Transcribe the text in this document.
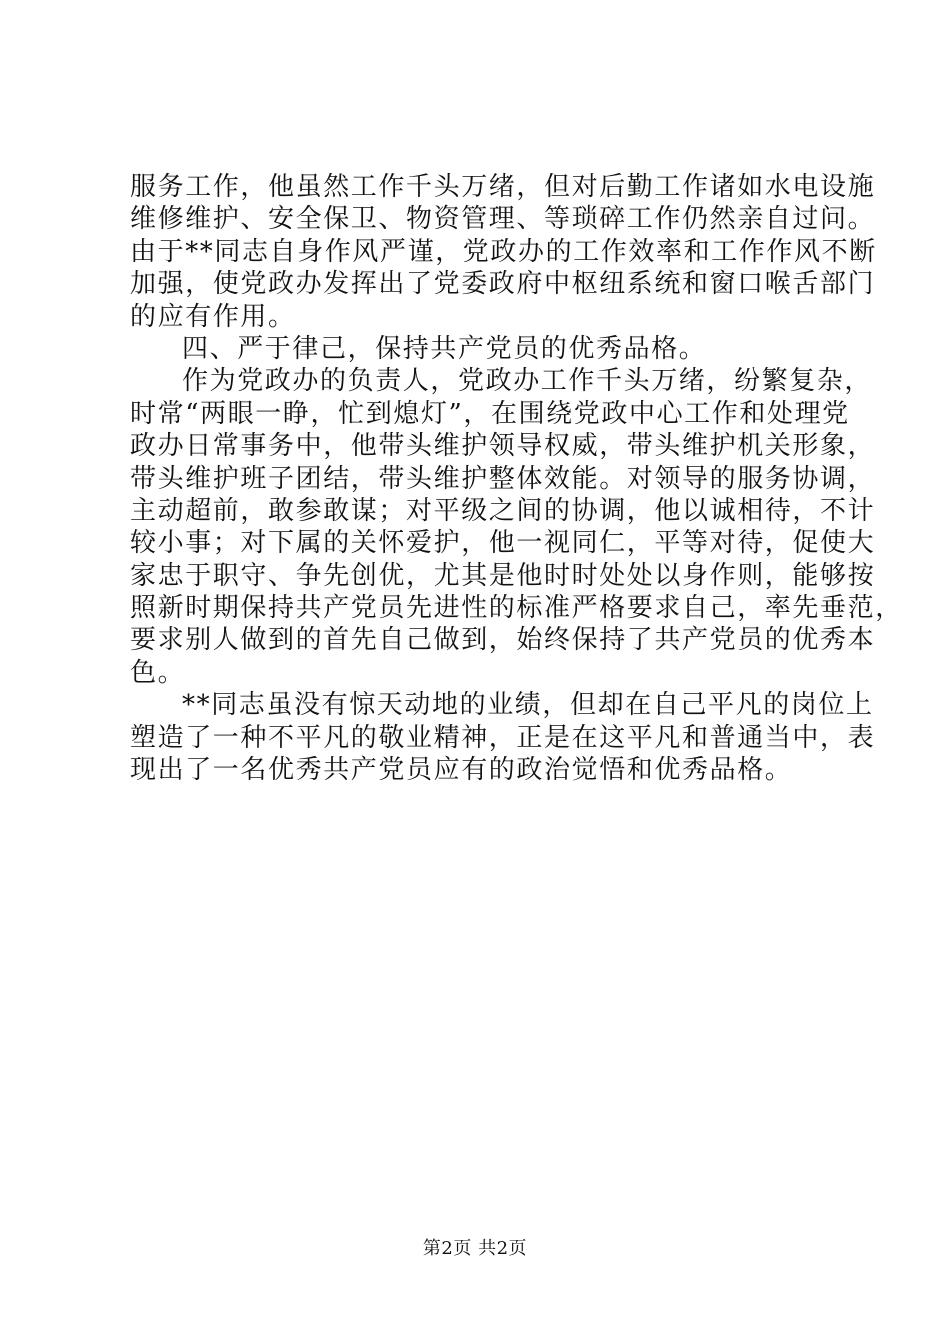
服务工作，他虽然工作千头万绪，但对后勤工作诸如水电设施
维修维护、安全保卫、物资管理、等琐碎工作仍然亲自过问。
由于**同志自身作风严谨，党政办的工作效率和工作作风不断
加强，使党政办发挥出了党委政府中枢纽系统和窗口喉舌部门
的应有作用。
四、严于律己，保持共产党员的优秀品格。
作为党政办的负责人，党政办工作千头万绪，纷繁复杂，
时常“两眼一睁，忙到熄灯”，在围绕党政中心工作和处理党
政办日常事务中，他带头维护领导权威，带头维护机关形象，
带头维护班子团结，带头维护整体效能。对领导的服务协调，
主动超前，敢参敢谋；对平级之间的协调，他以诚相待，不计
较小事；对下属的关怀爱护，他一视同仁，平等对待，促使大
家忠于职守、争先创优，尤其是他时时处处以身作则，能够按
照新时期保持共产党员先进性的标准严格要求自己，率先垂范，
要求别人做到的首先自己做到，始终保持了共产党员的优秀本
色。
**同志虽没有惊天动地的业绩，但却在自己平凡的岗位上
塑造了一种不平凡的敬业精神，正是在这平凡和普通当中，表
现出了一名优秀共产党员应有的政治觉悟和优秀品格。
第2页 共2页
